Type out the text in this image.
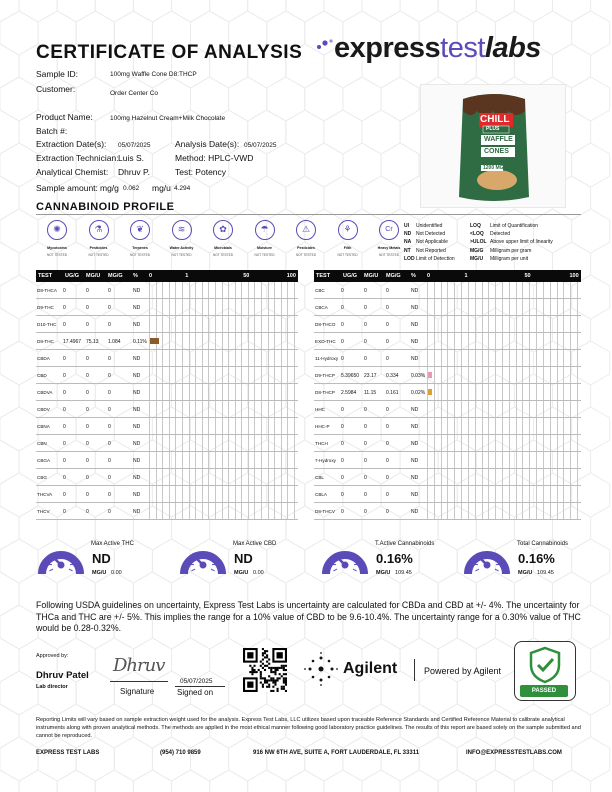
CERTIFICATE OF ANALYSIS expresstestlabs
Sample ID:	100mg Waffle Cone D8:THCP
Customer:	Order Center Co
Product Name:	100mg Hazelnut Cream+Milk Chocolate
Batch #:
Extraction Date(s): 05/07/2025	Analysis Date(s): 05/07/2025
Extraction Technician: Luis S.	Method: HPLC-VWD
Analytical Chemist: Dhruv P.	Test: Potency
Sample amount: mg/g 0.062 mg/u 4.294
CHILL
PLUS
WAFFLE
CONES
1200 MG
CANNABINOID PROFILE
✺
Mycotoxins
NOT TESTED
⚗
Pesticides
NOT TESTED
❦
Terpenes
NOT TESTED
≋
Water Activity
NOT TESTED
✿
Microbials
NOT TESTED
☂
Moisture
NOT TESTED
⚠
Pesticides
NOT TESTED
⚘
Filth
NOT TESTED
Cr
Heavy Metals
NOT TESTED
UI Unidentified
ND Not Detected
NA Not Applicable
NT Not Reported
LODLimit of Detection
LOQ Limit of Quantification
<LOQ Detected
>ULOL Above upper limit of linearity
MG/G Milligram per gram
MG/U Milligram per unit
TEST UG/G MG/U MG/G % 0	1	50	100
D8-THCA 0	0	0	ND
D9-THC 0	0	0	ND
D10-THC 0	0	0	ND
D8-THC 17.4967 75.13 1.084 0.11%
CBDA	0	0	0	ND
CBD	0	0	0	ND
CBDVA 0	0	0	ND
CBDV	0	0	0	ND
CBNA	0	0	0	ND
CBN	0	0	0	ND
CBGA	0	0	0	ND
CBG	0	0	0	ND
THCVA 0	0	0	ND
THCV	0	0	0	ND
TEST UG/G MG/U MG/G % 0	1	50	100
CBC	0	0	0	ND
CBCA	0	0	0	ND
D8-THCO 0	0	0	ND
EXO-THC 0	0	0	ND
11-Hydroxy 0	0	0	ND
D9-THCP 5.39650 23.17 0.334 0.03%
D8-THCP 2.5984 11.15 0.161 0.02%
HHC	0	0	0	ND
HHC-P 0	0	0	ND
THCH	0	0	0	ND
7-Hydroxy 0	0	0	ND
CBL	0	0	0	ND
CBLA	0	0	0	ND
D8-THCV 0	0	0	ND
Max Active THC
ND
MG/U 0.00
Max Active CBD
ND
MG/U 0.00
T.Active Cannabinoids
0.16%
MG/U 109.45
Total Cannabinoids
0.16%
MG/U 109.45
Following USDA guidelines on uncertainty, Express Test Labs is uncertainty are calculated for CBDa and CBD at +/- 4%. The uncertainty for THCa and THC are +/- 5%. This implies the range for a 10% value of CBD to be 9.6-10.4%. The uncertainty range for a 0.30% value of THC would be 0.28-0.32%.
Approved by:
Dhruv Patel
Lab director
Dhruv
Signature
05/07/2025
Signed on
Agilent	Powered by Agilent
PASSED
Reporting Limits will vary based on sample extraction weight used for the analysis. Express Test Labs, LLC utilizes based upon traceable Reference Standards and Certified Reference Material to calibrate analytical instruments along with proven analytical methods. The methods are applied in the most ethical manner following good laboratory practice guidelines. The results of this report are based solely on the sample submitted and cannot be reproduced.
EXPRESS TEST LABS	(954) 710 9859	916 NW 6TH AVE, SUITE A, FORT LAUDERDALE, FL 33311	INFO@EXPRESSTESTLABS.COM
